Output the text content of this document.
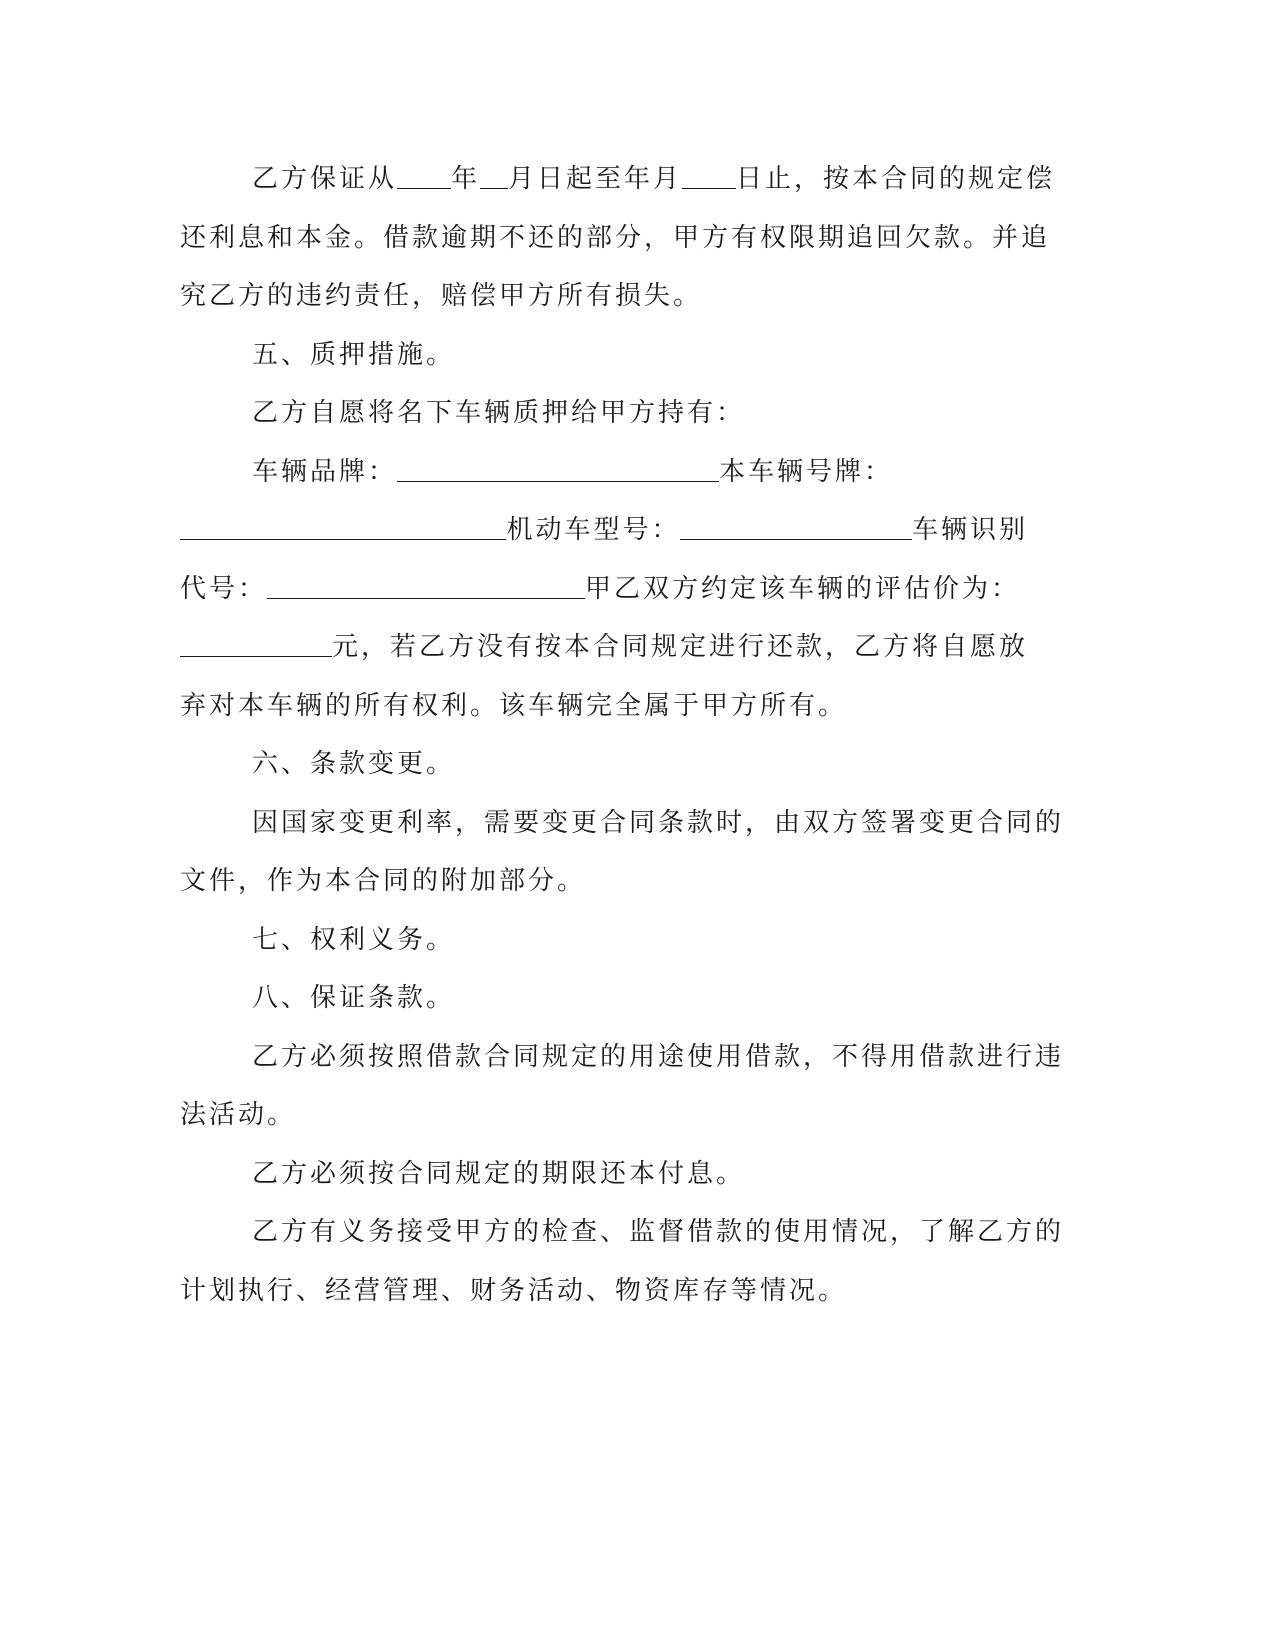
乙方保证从 年 月日起至年月 日止，按本合同的规定偿
还利息和本金。借款逾期不还的部分，甲方有权限期追回欠款。并追
究乙方的违约责任，赔偿甲方所有损失。
五、质押措施。
乙方自愿将名下车辆质押给甲方持有：
车辆品牌：	本车辆号牌：
机动车型号：	车辆识别
代号：	甲乙双方约定该车辆的评估价为：
元，若乙方没有按本合同规定进行还款，乙方将自愿放
弃对本车辆的所有权利。该车辆完全属于甲方所有。
六、条款变更。
因国家变更利率，需要变更合同条款时，由双方签署变更合同的
文件，作为本合同的附加部分。
七、权利义务。
八、保证条款。
乙方必须按照借款合同规定的用途使用借款，不得用借款进行违
法活动。
乙方必须按合同规定的期限还本付息。
乙方有义务接受甲方的检查、监督借款的使用情况，了解乙方的
计划执行、经营管理、财务活动、物资库存等情况。
